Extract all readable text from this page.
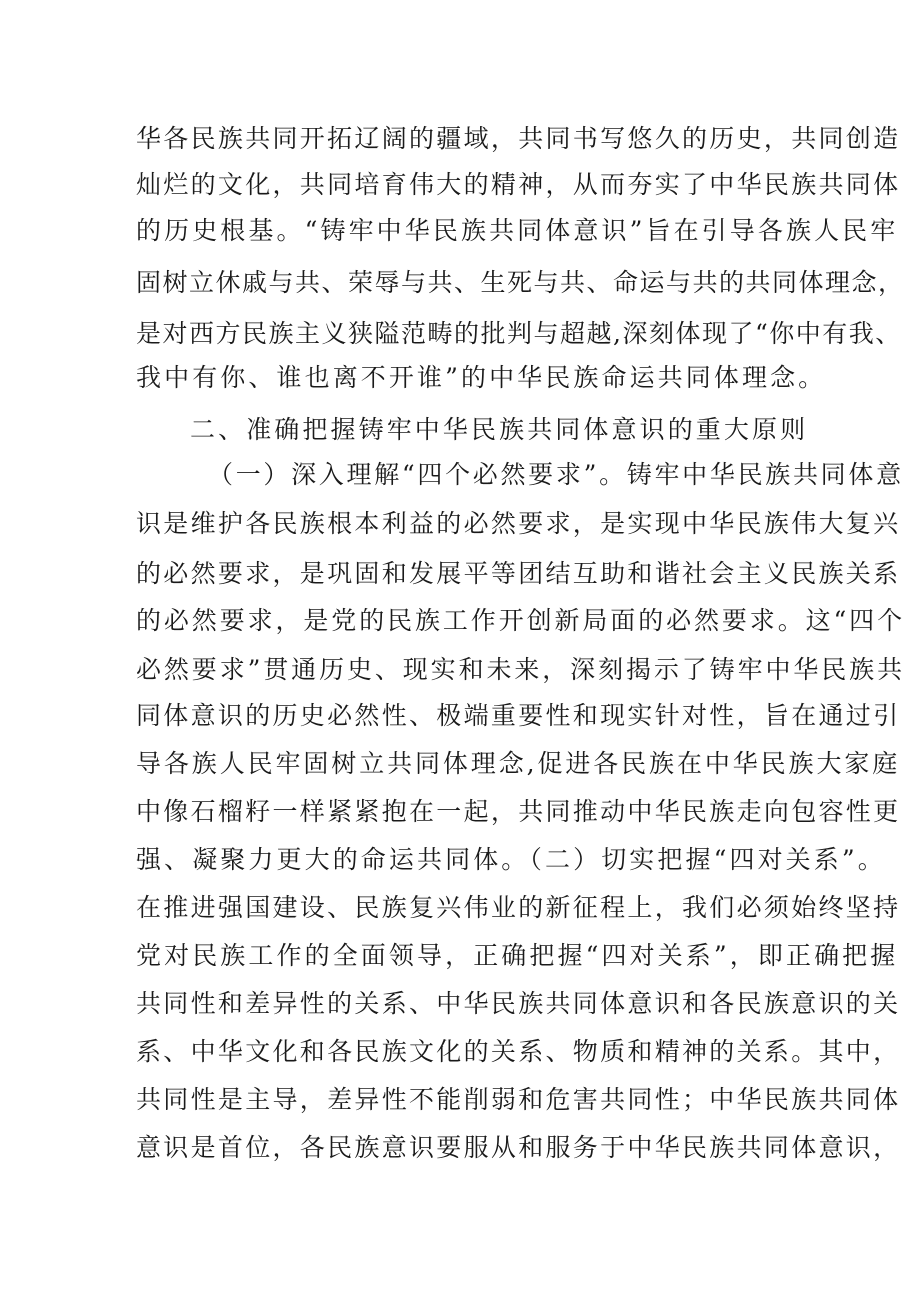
华各民族共同开拓辽阔的疆域，共同书写悠久的历史，共同创造
灿烂的文化，共同培育伟大的精神，从而夯实了中华民族共同体
的历史根基。“铸牢中华民族共同体意识”旨在引导各族人民牢
固树立休戚与共、荣辱与共、生死与共、命运与共的共同体理念，
是对西方民族主义狭隘范畴的批判与超越,深刻体现了“你中有我、
我中有你、谁也离不开谁”的中华民族命运共同体理念。
二、准确把握铸牢中华民族共同体意识的重大原则
（一）深入理解“四个必然要求”。铸牢中华民族共同体意
识是维护各民族根本利益的必然要求，是实现中华民族伟大复兴
的必然要求，是巩固和发展平等团结互助和谐社会主义民族关系
的必然要求，是党的民族工作开创新局面的必然要求。这“四个
必然要求”贯通历史、现实和未来，深刻揭示了铸牢中华民族共
同体意识的历史必然性、极端重要性和现实针对性，旨在通过引
导各族人民牢固树立共同体理念,促进各民族在中华民族大家庭
中像石榴籽一样紧紧抱在一起，共同推动中华民族走向包容性更
强、凝聚力更大的命运共同体。（二）切实把握“四对关系”。
在推进强国建设、民族复兴伟业的新征程上，我们必须始终坚持
党对民族工作的全面领导，正确把握“四对关系”，即正确把握
共同性和差异性的关系、中华民族共同体意识和各民族意识的关
系、中华文化和各民族文化的关系、物质和精神的关系。其中，
共同性是主导，差异性不能削弱和危害共同性；中华民族共同体
意识是首位，各民族意识要服从和服务于中华民族共同体意识，
